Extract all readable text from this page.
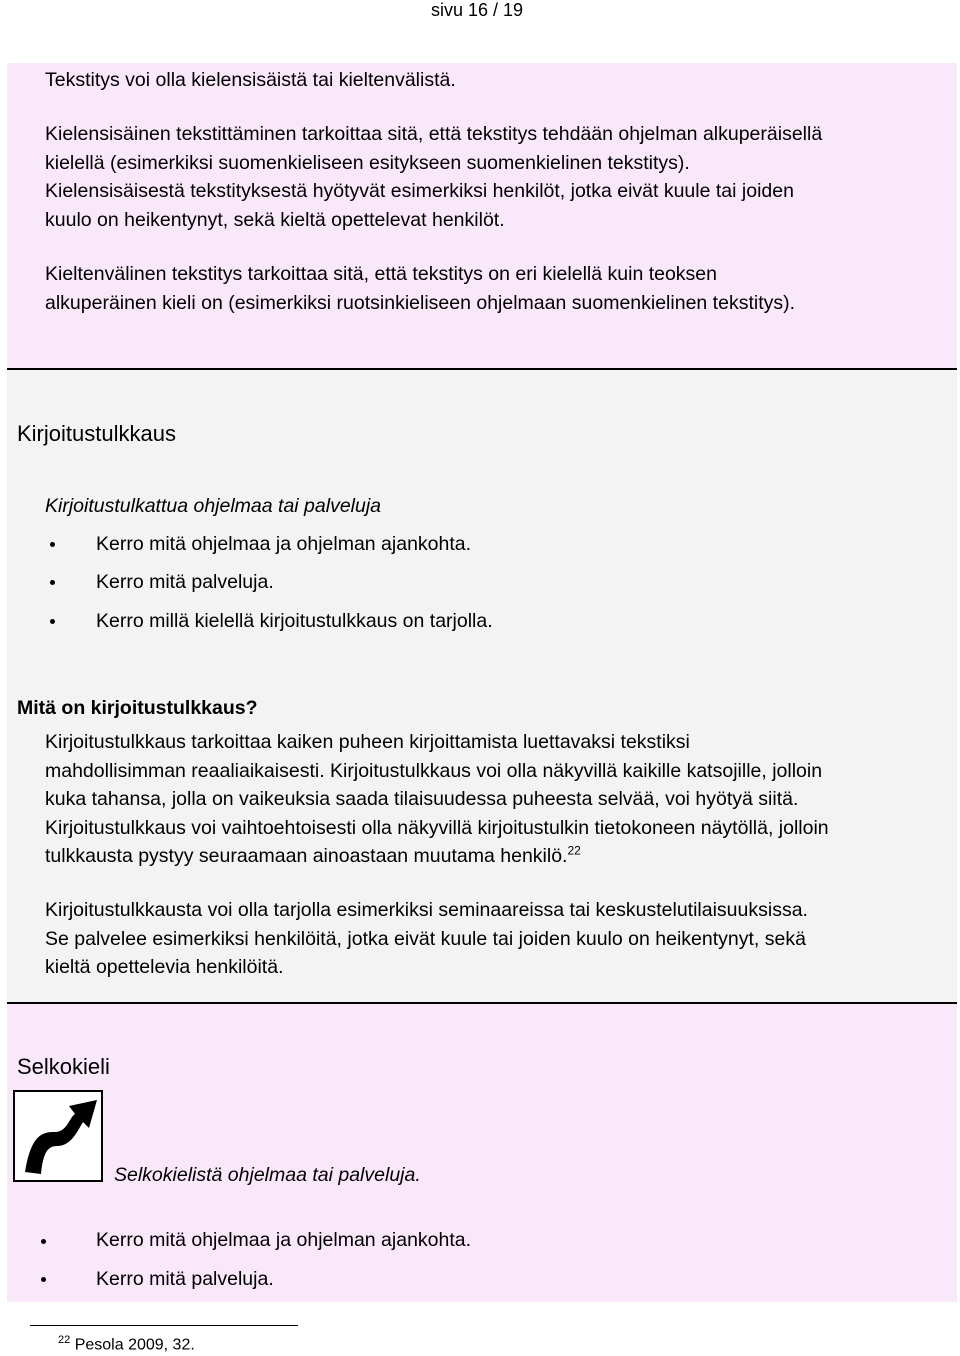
sivu 16 / 19
Tekstitys voi olla kielensisäistä tai kieltenvälistä.
Kielensisäinen tekstittäminen tarkoittaa sitä, että tekstitys tehdään ohjelman alkuperäisellä
kielellä (esimerkiksi suomenkieliseen esitykseen suomenkielinen tekstitys).
Kielensisäisestä tekstityksestä hyötyvät esimerkiksi henkilöt, jotka eivät kuule tai joiden
kuulo on heikentynyt, sekä kieltä opettelevat henkilöt.
Kieltenvälinen tekstitys tarkoittaa sitä, että tekstitys on eri kielellä kuin teoksen
alkuperäinen kieli on (esimerkiksi ruotsinkieliseen ohjelmaan suomenkielinen tekstitys).
Kirjoitustulkkaus
Kirjoitustulkattua ohjelmaa tai palveluja
Kerro mitä ohjelmaa ja ohjelman ajankohta.
Kerro mitä palveluja.
Kerro millä kielellä kirjoitustulkkaus on tarjolla.
Mitä on kirjoitustulkkaus?
Kirjoitustulkkaus tarkoittaa kaiken puheen kirjoittamista luettavaksi tekstiksi
mahdollisimman reaaliaikaisesti. Kirjoitustulkkaus voi olla näkyvillä kaikille katsojille, jolloin
kuka tahansa, jolla on vaikeuksia saada tilaisuudessa puheesta selvää, voi hyötyä siitä.
Kirjoitustulkkaus voi vaihtoehtoisesti olla näkyvillä kirjoitustulkin tietokoneen näytöllä, jolloin
tulkkausta pystyy seuraamaan ainoastaan muutama henkilö.$^{22}$
Kirjoitustulkkausta voi olla tarjolla esimerkiksi seminaareissa tai keskustelutilaisuuksissa.
Se palvelee esimerkiksi henkilöitä, jotka eivät kuule tai joiden kuulo on heikentynyt, sekä
kieltä opettelevia henkilöitä.
Selkokieli
Selkokielistä ohjelmaa tai palveluja.
Kerro mitä ohjelmaa ja ohjelman ajankohta.
Kerro mitä palveluja.
$^{22}$ Pesola 2009, 32.
